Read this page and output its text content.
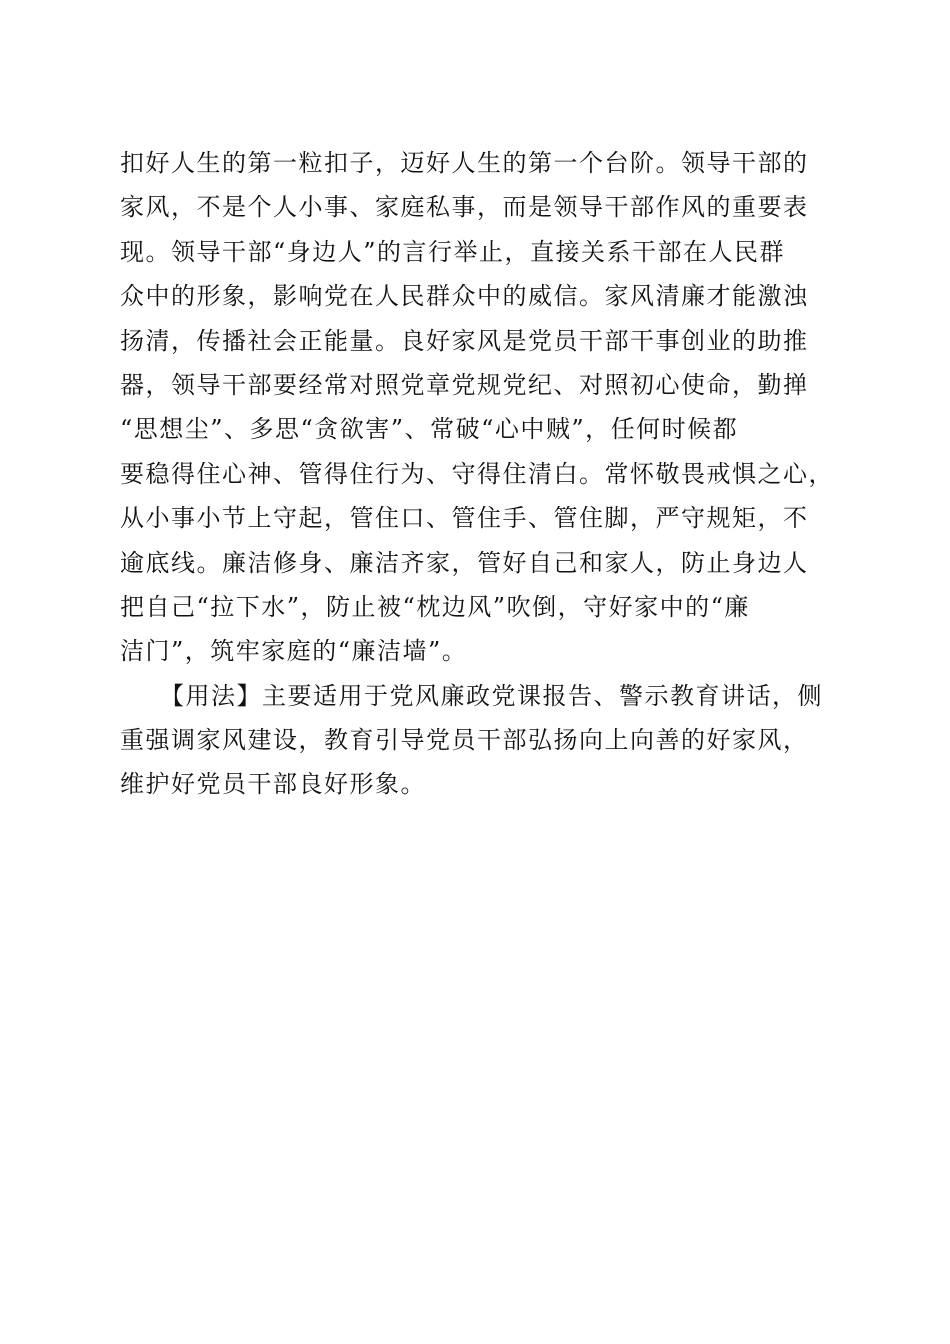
扣好人生的第一粒扣子，迈好人生的第一个台阶。领导干部的
家风，不是个人小事、家庭私事，而是领导干部作风的重要表
现。领导干部“身边人”的言行举止，直接关系干部在人民群
众中的形象，影响党在人民群众中的威信。家风清廉才能激浊
扬清，传播社会正能量。良好家风是党员干部干事创业的助推
器，领导干部要经常对照党章党规党纪、对照初心使命，勤掸
“思想尘”、多思“贪欲害”、常破“心中贼”，任何时候都
要稳得住心神、管得住行为、守得住清白。常怀敬畏戒惧之心，
从小事小节上守起，管住口、管住手、管住脚，严守规矩，不
逾底线。廉洁修身、廉洁齐家，管好自己和家人，防止身边人
把自己“拉下水”，防止被“枕边风”吹倒，守好家中的“廉
洁门”，筑牢家庭的“廉洁墙”。
【用法】主要适用于党风廉政党课报告、警示教育讲话，侧
重强调家风建设，教育引导党员干部弘扬向上向善的好家风，
维护好党员干部良好形象。
